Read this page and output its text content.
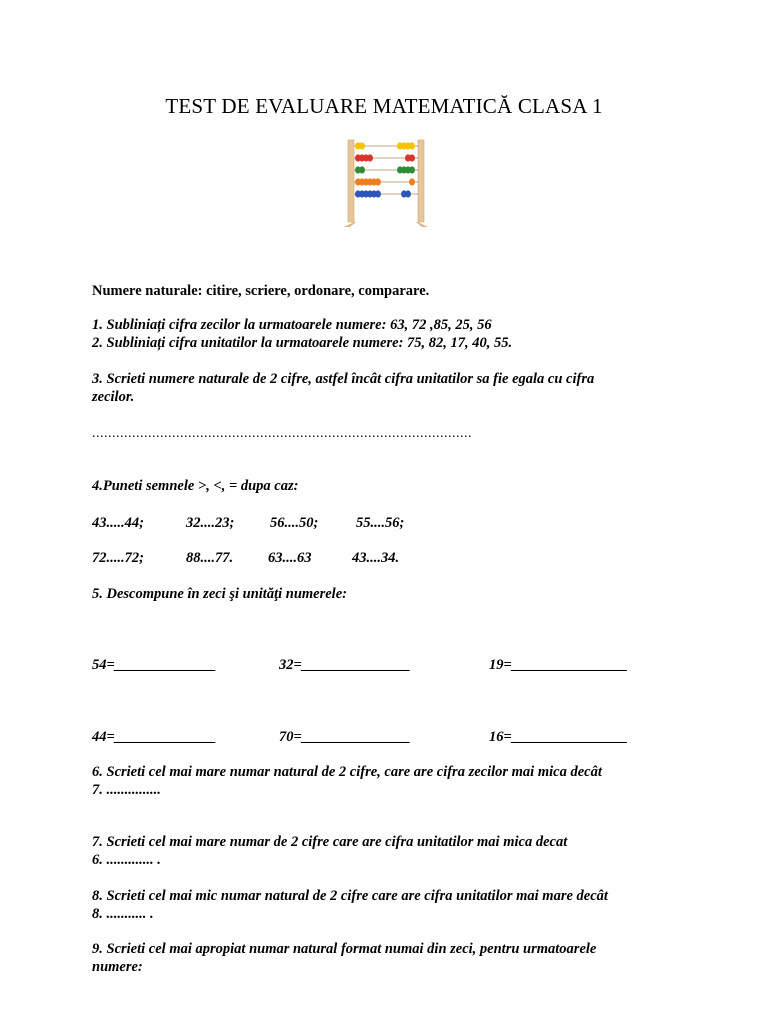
TEST DE EVALUARE MATEMATICĂ CLASA 1
Numere naturale: citire, scriere, ordonare, comparare.
1. Subliniați cifra zecilor la urmatoarele numere: 63, 72 ,85, 25, 56
2. Subliniați cifra unitatilor la urmatoarele numere: 75, 82, 17, 40, 55.
3. Scrieti numere naturale de 2 cifre, astfel încât cifra unitatilor sa fie egala cu cifra
zecilor.
...............................................................................................
4.Puneti semnele >, <, = dupa caz:
43.....44;	32....23; 56....50;	55....56;
72.....72;	88....77. 63....63	43....34.
5. Descompune în zeci şi unităţi numerele:
54=______________	32=_______________	19=________________
44=______________	70=_______________	16=________________
6. Scrieti cel mai mare numar natural de 2 cifre, care are cifra zecilor mai mica decât
7. ...............
7. Scrieti cel mai mare numar de 2 cifre care are cifra unitatilor mai mica decat
6. ............. .
8. Scrieti cel mai mic numar natural de 2 cifre care are cifra unitatilor mai mare decât
8. ........... .
9. Scrieti cel mai apropiat numar natural format numai din zeci, pentru urmatoarele
numere:
